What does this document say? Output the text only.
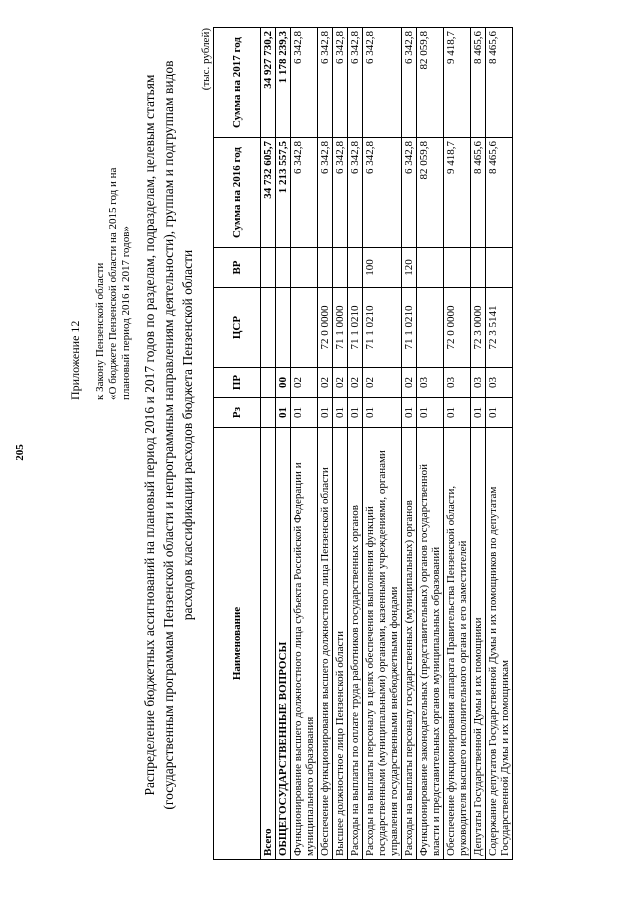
205
Приложение 12 к Закону Пензенской области «О бюджете Пензенской области на 2015 год и на плановый период 2016 и 2017 годов» Распределение бюджетных ассигнований на плановый период 2016 и 2017 годов по разделам, подразделам, целевым статьям (государственным программам Пензенской области и непрограммным направлениям деятельности), группам и подгруппам видов расходов классификации расходов бюджета Пензенской области
(тыс. рублей)
Наименование	Рз	ПР	ЦСР	ВР	Сумма на 2016 год	Сумма на 2017 год
Всего					34 732 605,7	34 927 730,2
ОБЩЕГОСУДАРСТВЕННЫЕ ВОПРОСЫ	01	00			1 213 557,5	1 178 239,3
Функционирование высшего должностного лица субъекта Российской Федерации и муниципального образования	01	02			6 342,8	6 342,8
Обеспечение функционирования высшего должностного лица Пензенской области	01	02	72 0 0000		6 342,8	6 342,8
Высшее должностное лицо Пензенской области	01	02	71 1 0000		6 342,8	6 342,8
Расходы на выплаты по оплате труда работников государственных органов	01	02	71 1 0210		6 342,8	6 342,8
Расходы на выплаты персоналу в целях обеспечения выполнения функций государственными (муниципальными) органами, казенными учреждениями, органами управления государственными внебюджетными фондами	01	02	71 1 0210	100	6 342,8	6 342,8
Расходы на выплаты персоналу государственных (муниципальных) органов	01	02	71 1 0210	120	6 342,8	6 342,8
Функционирование законодательных (представительных) органов государственной власти и представительных органов муниципальных образований	01	03			82 059,8	82 059,8
Обеспечение функционирования аппарата Правительства Пензенской области, руководителя высшего исполнительного органа и его заместителей	01	03	72 0 0000		9 418,7	9 418,7
Депутаты Государственной Думы и их помощники	01	03	72 3 0000		8 465,6	8 465,6
Содержание депутатов Государственной Думы и их помощников по депутатам Государственной Думы и их помощникам	01	03	72 3 5141		8 465,6	8 465,6
